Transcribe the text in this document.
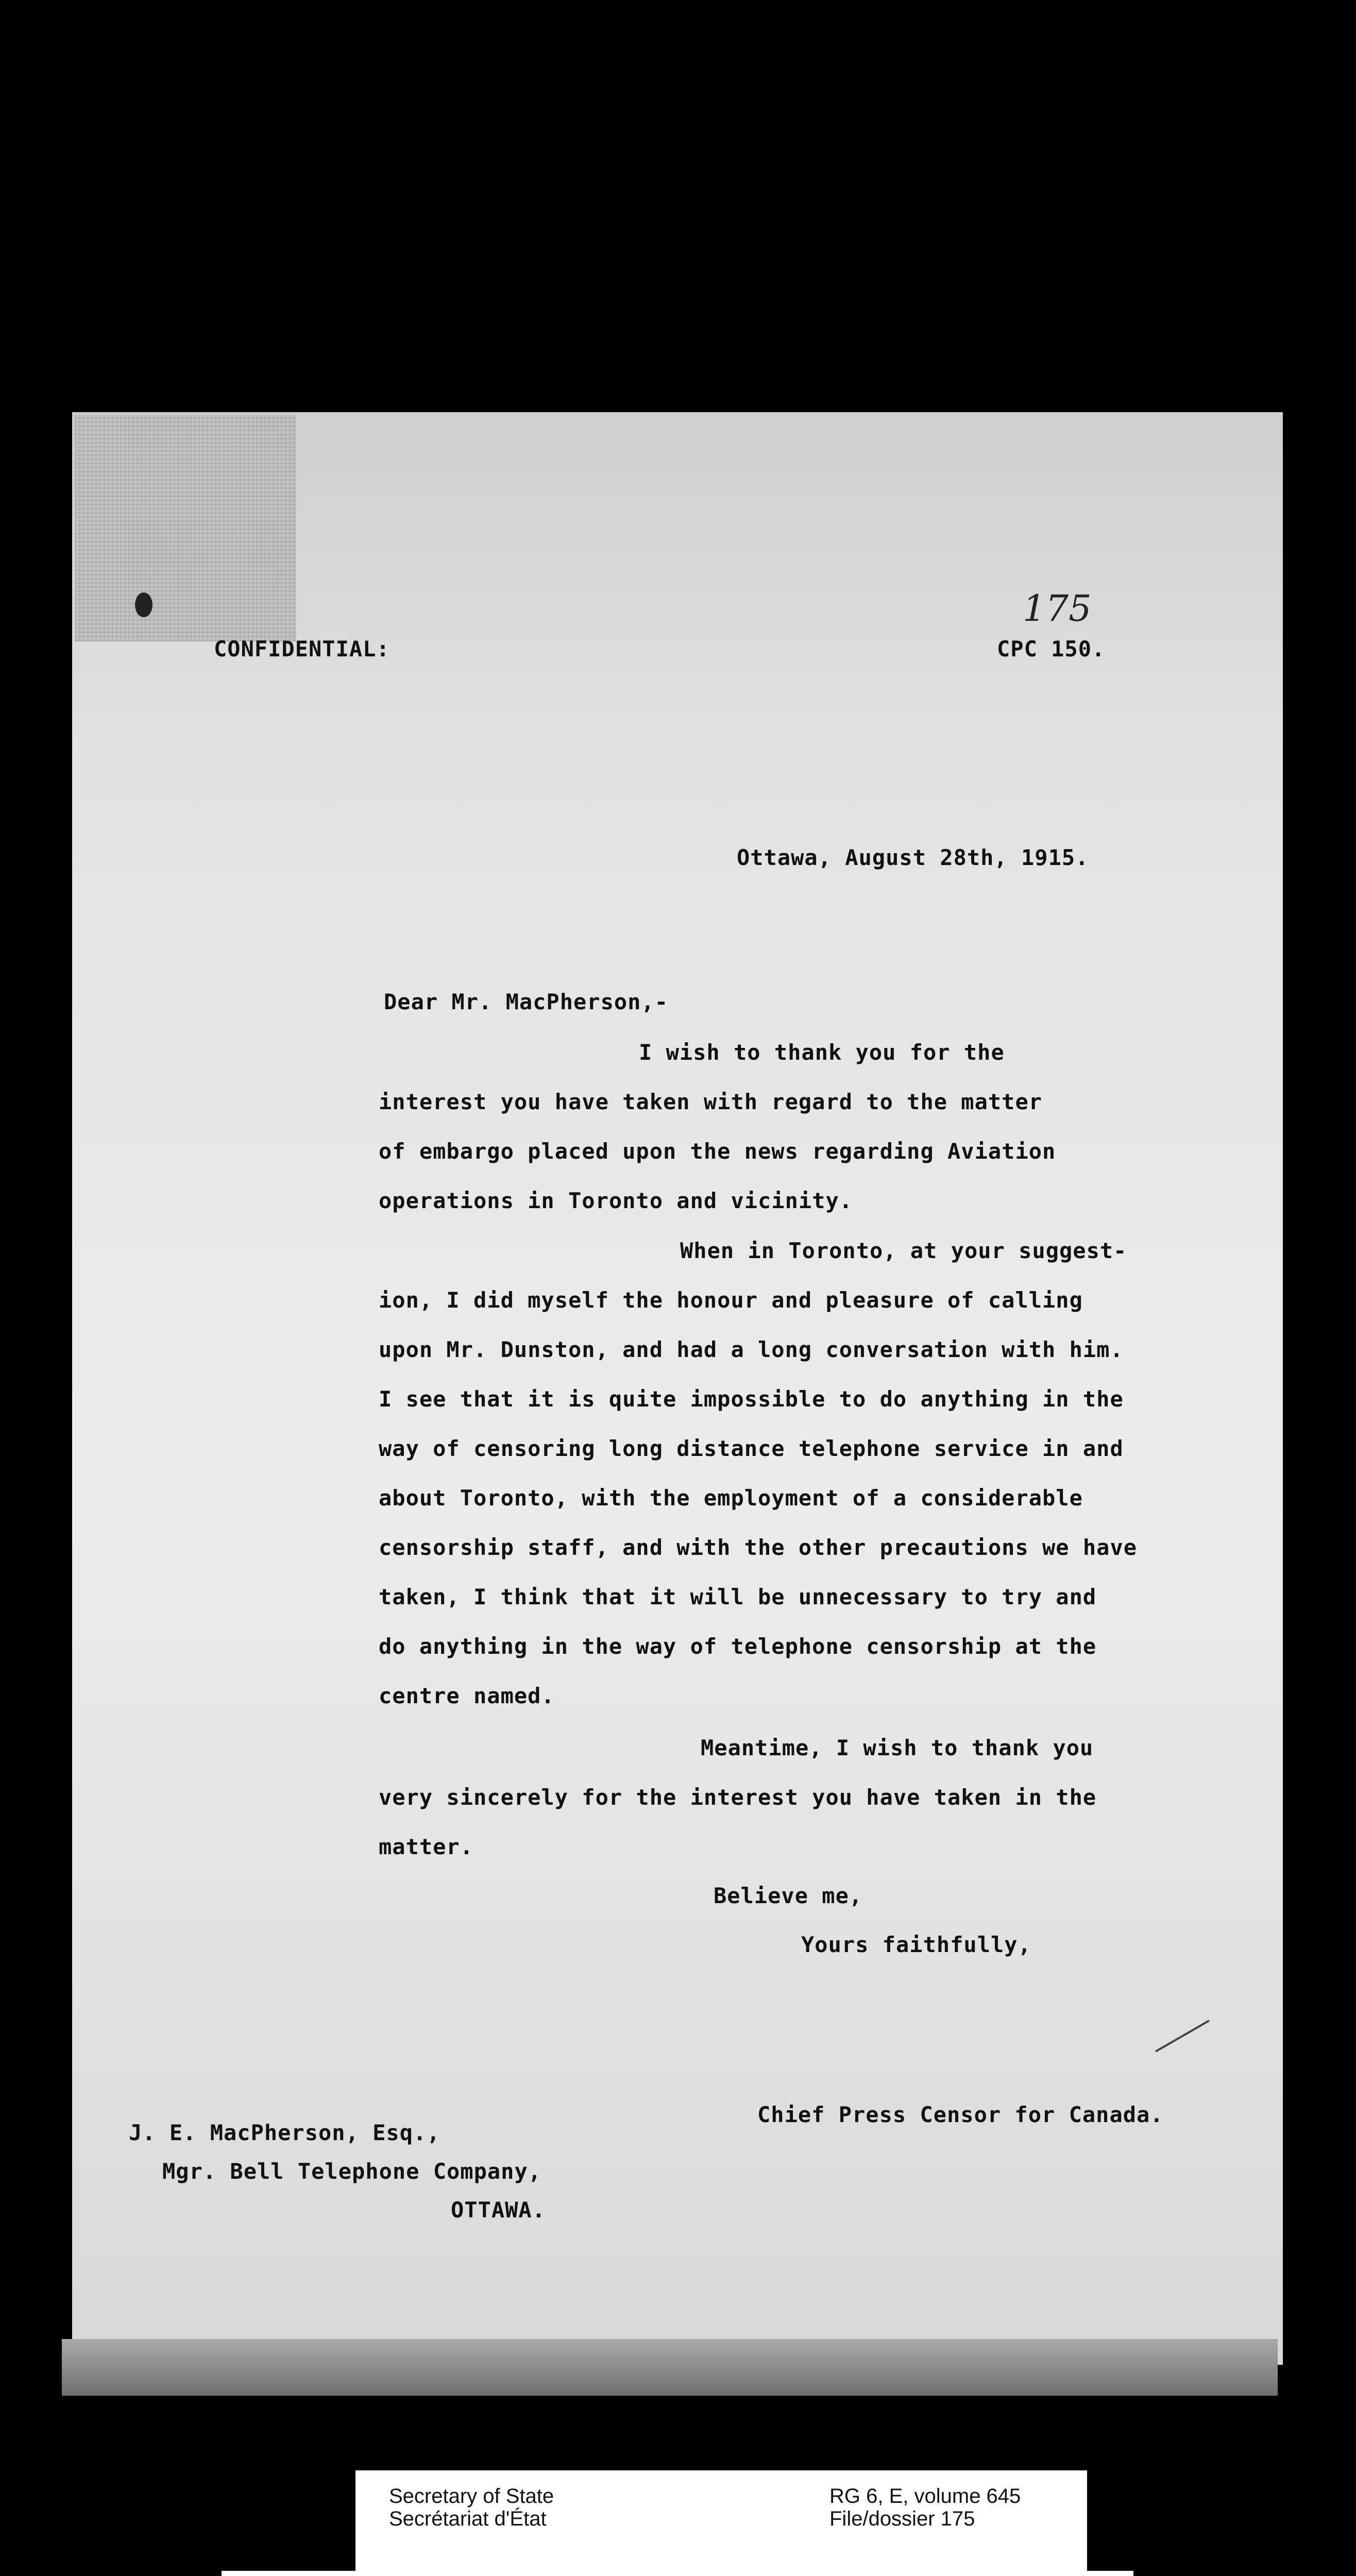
CONFIDENTIAL:
175
CPC 150.
Ottawa, August 28th, 1915.
Dear Mr. MacPherson,-
I wish to thank you for the
interest you have taken with regard to the matter
of embargo placed upon the news regarding Aviation
operations in Toronto and vicinity.
When in Toronto, at your suggest-
ion, I did myself the honour and pleasure of calling
upon Mr. Dunston, and had a long conversation with him.
I see that it is quite impossible to do anything in the
way of censoring long distance telephone service in and
about Toronto, with the employment of a considerable
censorship staff, and with the other precautions we have
taken, I think that it will be unnecessary to try and
do anything in the way of telephone censorship at the
centre named.
Meantime, I wish to thank you
very sincerely for the interest you have taken in the
matter.
Believe me,
Yours faithfully,
Chief Press Censor for Canada.
J. E. MacPherson, Esq.,
Mgr. Bell Telephone Company,
OTTAWA.
Secretary of State
Secrétariat d'État
RG 6, E, volume 645
File/dossier 175
